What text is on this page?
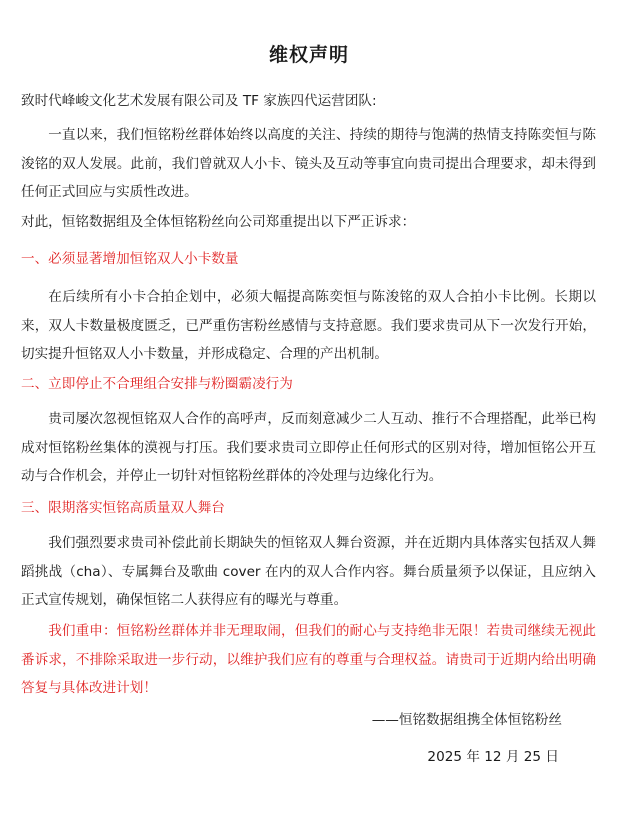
维权声明
致时代峰峻文化艺术发展有限公司及 TF 家族四代运营团队:
一直以来，我们恒铭粉丝群体始终以高度的关注、持续的期待与饱满的热情支持陈奕恒与陈浚铭的双人发展。此前，我们曾就双人小卡、镜头及互动等事宜向贵司提出合理要求，却未得到任何正式回应与实质性改进。
对此，恒铭数据组及全体恒铭粉丝向公司郑重提出以下严正诉求：
一、必须显著增加恒铭双人小卡数量
在后续所有小卡合拍企划中，必须大幅提高陈奕恒与陈浚铭的双人合拍小卡比例。长期以来，双人卡数量极度匮乏，已严重伤害粉丝感情与支持意愿。我们要求贵司从下一次发行开始，切实提升恒铭双人小卡数量，并形成稳定、合理的产出机制。
二、立即停止不合理组合安排与粉圈霸凌行为
贵司屡次忽视恒铭双人合作的高呼声，反而刻意减少二人互动、推行不合理搭配，此举已构成对恒铭粉丝集体的漠视与打压。我们要求贵司立即停止任何形式的区别对待，增加恒铭公开互动与合作机会，并停止一切针对恒铭粉丝群体的冷处理与边缘化行为。
三、限期落实恒铭高质量双人舞台
我们强烈要求贵司补偿此前长期缺失的恒铭双人舞台资源，并在近期内具体落实包括双人舞蹈挑战（cha）、专属舞台及歌曲 cover 在内的双人合作内容。舞台质量须予以保证，且应纳入正式宣传规划，确保恒铭二人获得应有的曝光与尊重。
我们重申：恒铭粉丝群体并非无理取闹，但我们的耐心与支持绝非无限！若贵司继续无视此番诉求，不排除采取进一步行动，以维护我们应有的尊重与合理权益。请贵司于近期内给出明确答复与具体改进计划！
——恒铭数据组携全体恒铭粉丝
2025 年 12 月 25 日
